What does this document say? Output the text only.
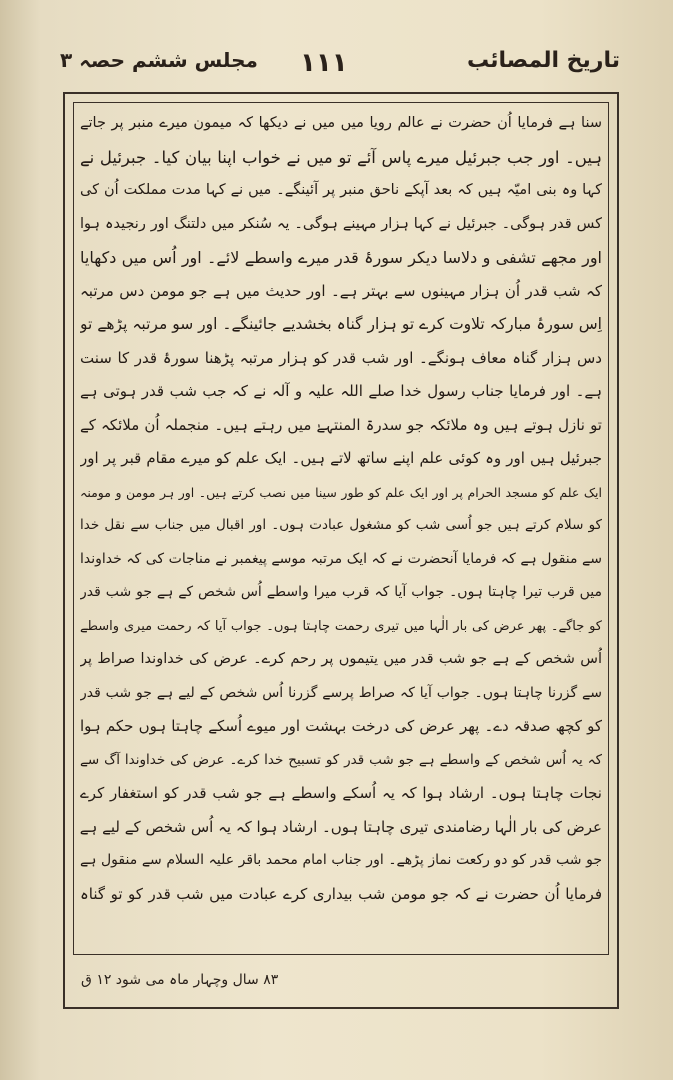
تاریخ المصائب
۱۱۱
مجلس ششم حصہ ۳
سنا ہے فرمایا اُن حضرت نے عالم رویا میں میں نے دیکھا کہ میمون میرے منبر پر جاتے
ہیں۔ اور جب جبرئیل میرے پاس آئے تو میں نے خواب اپنا بیان کیا۔ جبرئیل نے
کہا وہ بنی امیّہ ہیں کہ بعد آپکے ناحق منبر پر آئینگے۔ میں نے کہا مدت مملکت اُن کی
کس قدر ہوگی۔ جبرئیل نے کہا ہزار مہینے ہوگی۔ یہ سُنکر میں دلتنگ اور رنجیدہ ہوا
اور مجھے تشفی و دلاسا دیکر سورۂ قدر میرے واسطے لائے۔ اور اُس میں دکھایا
کہ شب قدر اُن ہزار مہینوں سے بہتر ہے۔ اور حدیث میں ہے جو مومن دس مرتبہ
اِس سورۂ مبارکہ تلاوت کرے تو ہزار گناہ بخشدیے جائینگے۔ اور سو مرتبہ پڑھے تو
دس ہزار گناہ معاف ہونگے۔ اور شب قدر کو ہزار مرتبہ پڑھنا سورۂ قدر کا سنت
ہے۔ اور فرمایا جناب رسول خدا صلے اللہ علیہ و آلہ نے کہ جب شب قدر ہوتی ہے
تو نازل ہوتے ہیں وہ ملائکہ جو سدرۃ المنتہےٰ میں رہتے ہیں۔ منجملہ اُن ملائکہ کے
جبرئیل ہیں اور وہ کوئی علم اپنے ساتھ لاتے ہیں۔ ایک علم کو میرے مقام قبر پر اور
ایک علم کو مسجد الحرام پر اور ایک علم کو طور سینا میں نصب کرتے ہیں۔ اور ہر مومن و مومنہ
کو سلام کرتے ہیں جو اُسی شب کو مشغول عبادت ہوں۔ اور اقبال میں جناب سے نقل خدا
سے منقول ہے کہ فرمایا آنحضرت نے کہ ایک مرتبہ موسے پیغمبر نے مناجات کی کہ خداوندا
میں قرب تیرا چاہتا ہوں۔ جواب آیا کہ قرب میرا واسطے اُس شخص کے ہے جو شب قدر
کو جاگے۔ پھر عرض کی بار الٰہا میں تیری رحمت چاہتا ہوں۔ جواب آیا کہ رحمت میری واسطے
اُس شخص کے ہے جو شب قدر میں یتیموں پر رحم کرے۔ عرض کی خداوندا صراط پر
سے گزرنا چاہتا ہوں۔ جواب آیا کہ صراط پرسے گزرنا اُس شخص کے لیے ہے جو شب قدر
کو کچھ صدقہ دے۔ پھر عرض کی درخت بہشت اور میوے اُسکے چاہتا ہوں حکم ہوا
کہ یہ اُس شخص کے واسطے ہے جو شب قدر کو تسبیح خدا کرے۔ عرض کی خداوندا آگ سے
نجات چاہتا ہوں۔ ارشاد ہوا کہ یہ اُسکے واسطے ہے جو شب قدر کو استغفار کرے
عرض کی بار الٰہا رضامندی تیری چاہتا ہوں۔ ارشاد ہوا کہ یہ اُس شخص کے لیے ہے
جو شب قدر کو دو رکعت نماز پڑھے۔ اور جناب امام محمد باقر علیہ السلام سے منقول ہے
فرمایا اُن حضرت نے کہ جو مومن شب بیداری کرے عبادت میں شب قدر کو تو گناہ
۸۳ سال وچہار ماہ می شود ۱۲ ق
